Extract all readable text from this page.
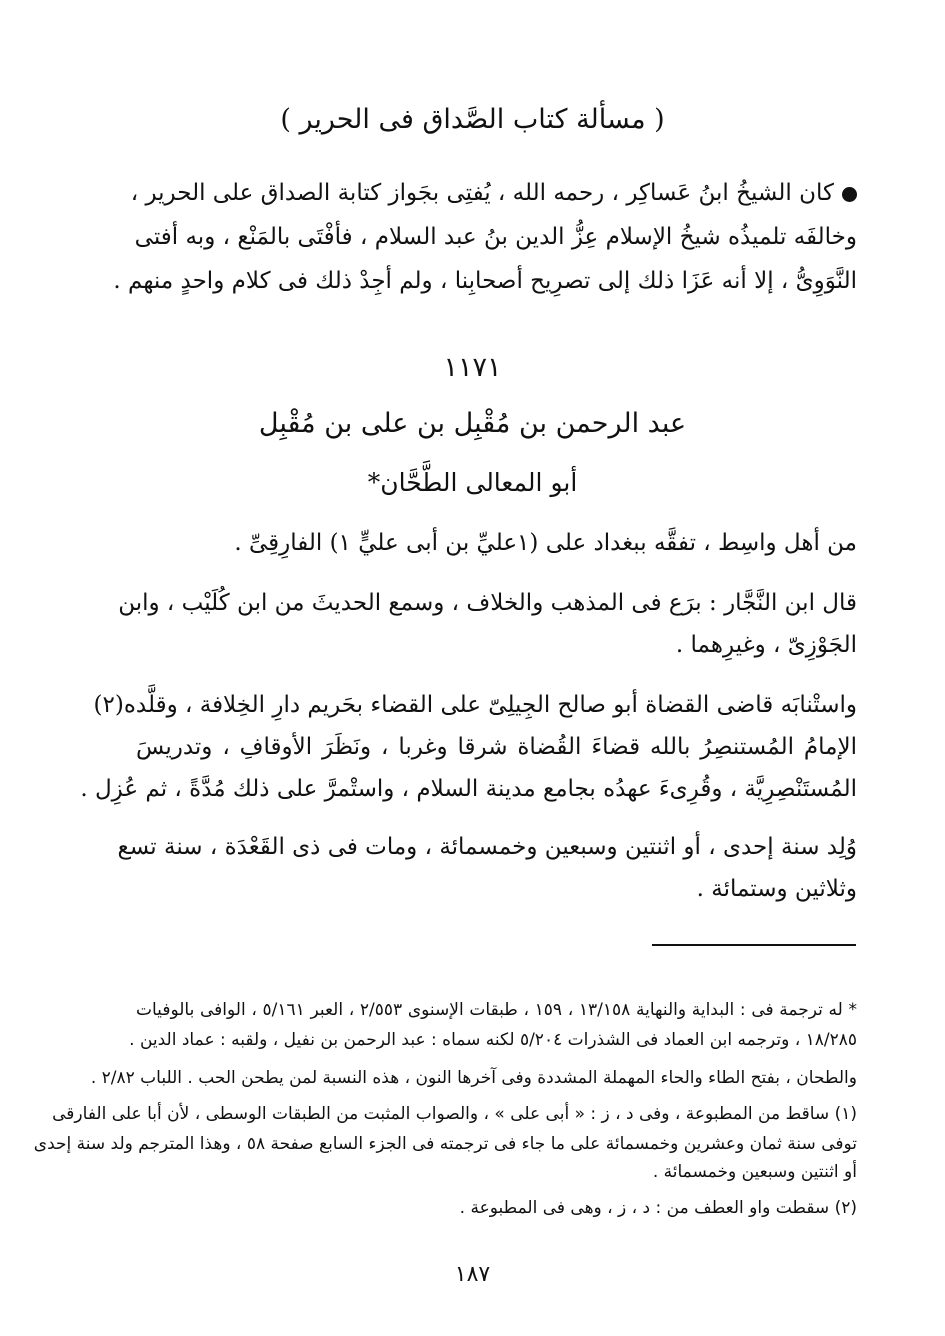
( مسألة كتاب الصَّداق فى الحرير )
كان الشيخُ ابنُ عَساكِر ، رحمه الله ، يُفتِى بجَواز كتابة الصداق على الحرير ،
وخالفَه تلميذُه شيخُ الإسلام عِزُّ الدين بنُ عبد السلام ، فأفْتَى بالمَنْع ، وبه أفتى
النَّوَوِىُّ ، إلا أنه عَزَا ذلك إلى تصرِيح أصحابِنا ، ولم أجِدْ ذلك فى كلام واحدٍ منهم .
١١٧١
عبد الرحمن بن مُقْبِل بن على بن مُقْبِل
أبو المعالى الطَّحَّان*
من أهل واسِط ، تفقَّه ببغداد على (١عليِّ بن أبى عليٍّ ١) الفارِقِىِّ .
قال ابن النَّجَّار : برَع فى المذهب والخلاف ، وسمع الحديثَ من ابن كُلَيْب ، وابن
الجَوْزِىّ ، وغيرِهما .
واستْنابَه قاضى القضاة أبو صالح الجِيلِىّ على القضاء بحَريم دارِ الخِلافة ، وقلَّده(٢)
الإمامُ المُستنصِرُ بالله قضاءَ القُضاة شرقا وغربا ، ونَظَرَ الأوقافِ ، وتدريسَ
المُستَنْصِرِيَّة ، وقُرِىءَ عهدُه بجامع مدينة السلام ، واستْمرَّ على ذلك مُدَّةً ، ثم عُزِل .
وُلِد سنة إحدى ، أو اثنتين وسبعين وخمسمائة ، ومات فى ذى القَعْدَة ، سنة تسع
وثلاثين وستمائة .
* له ترجمة فى : البداية والنهاية ١٣/١٥٨ ، ١٥٩ ، طبقات الإسنوى ٢/٥٥٣ ، العبر ٥/١٦١ ، الوافى بالوفيات
١٨/٢٨٥ ، وترجمه ابن العماد فى الشذرات ٥/٢٠٤ لكنه سماه : عبد الرحمن بن نفيل ، ولقبه : عماد الدين .
والطحان ، بفتح الطاء والحاء المهملة المشددة وفى آخرها النون ، هذه النسبة لمن يطحن الحب . اللباب ٢/٨٢ .
(١) ساقط من المطبوعة ، وفى د ، ز : « أبى على » ، والصواب المثبت من الطبقات الوسطى ، لأن أبا على الفارقى
توفى سنة ثمان وعشرين وخمسمائة على ما جاء فى ترجمته فى الجزء السابع صفحة ٥٨ ، وهذا المترجم ولد سنة إحدى
أو اثنتين وسبعين وخمسمائة .
(٢) سقطت واو العطف من : د ، ز ، وهى فى المطبوعة .
١٨٧
